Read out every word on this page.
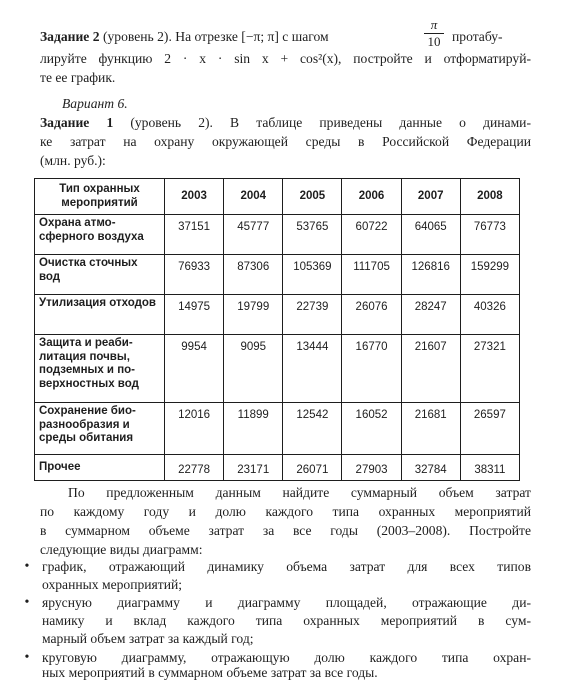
Задание 2 (уровень 2). На отрезке [−π; π] с шагом
π
10 протабу-
лируйте функцию 2 · x · sin x + cos²(x), постройте и отформатируй-
те ее график.
Вариант 6.
Задание 1 (уровень 2). В таблице приведены данные о динами-
ке затрат на охрану окружающей среды в Российской Федерации
(млн. руб.):
Тип охранных мероприятий	2003	2004	2005	2006	2007	2008
Охрана атмо-сферного воздуха	37151	45777	53765	60722	64065	76773
Очистка сточных вод	76933	87306	105369	111705	126816	159299
Утилизация отходов	14975	19799	22739	26076	28247	40326
Защита и реаби-литация почвы, подземных и по-верхностных вод	9954	9095	13444	16770	21607	27321
Сохранение био-разнообразия и среды обитания	12016	11899	12542	16052	21681	26597
Прочее	22778	23171	26071	27903	32784	38311
По предложенным данным найдите суммарный объем затрат
по каждому году и долю каждого типа охранных мероприятий
в суммарном объеме затрат за все годы (2003–2008). Постройте
следующие виды диаграмм:
• график, отражающий динамику объема затрат для всех типов
охранных мероприятий;
• ярусную диаграмму и диаграмму площадей, отражающие ди-
намику и вклад каждого типа охранных мероприятий в сум-
марный объем затрат за каждый год;
• круговую диаграмму, отражающую долю каждого типа охран-
ных мероприятий в суммарном объеме затрат за все годы.
